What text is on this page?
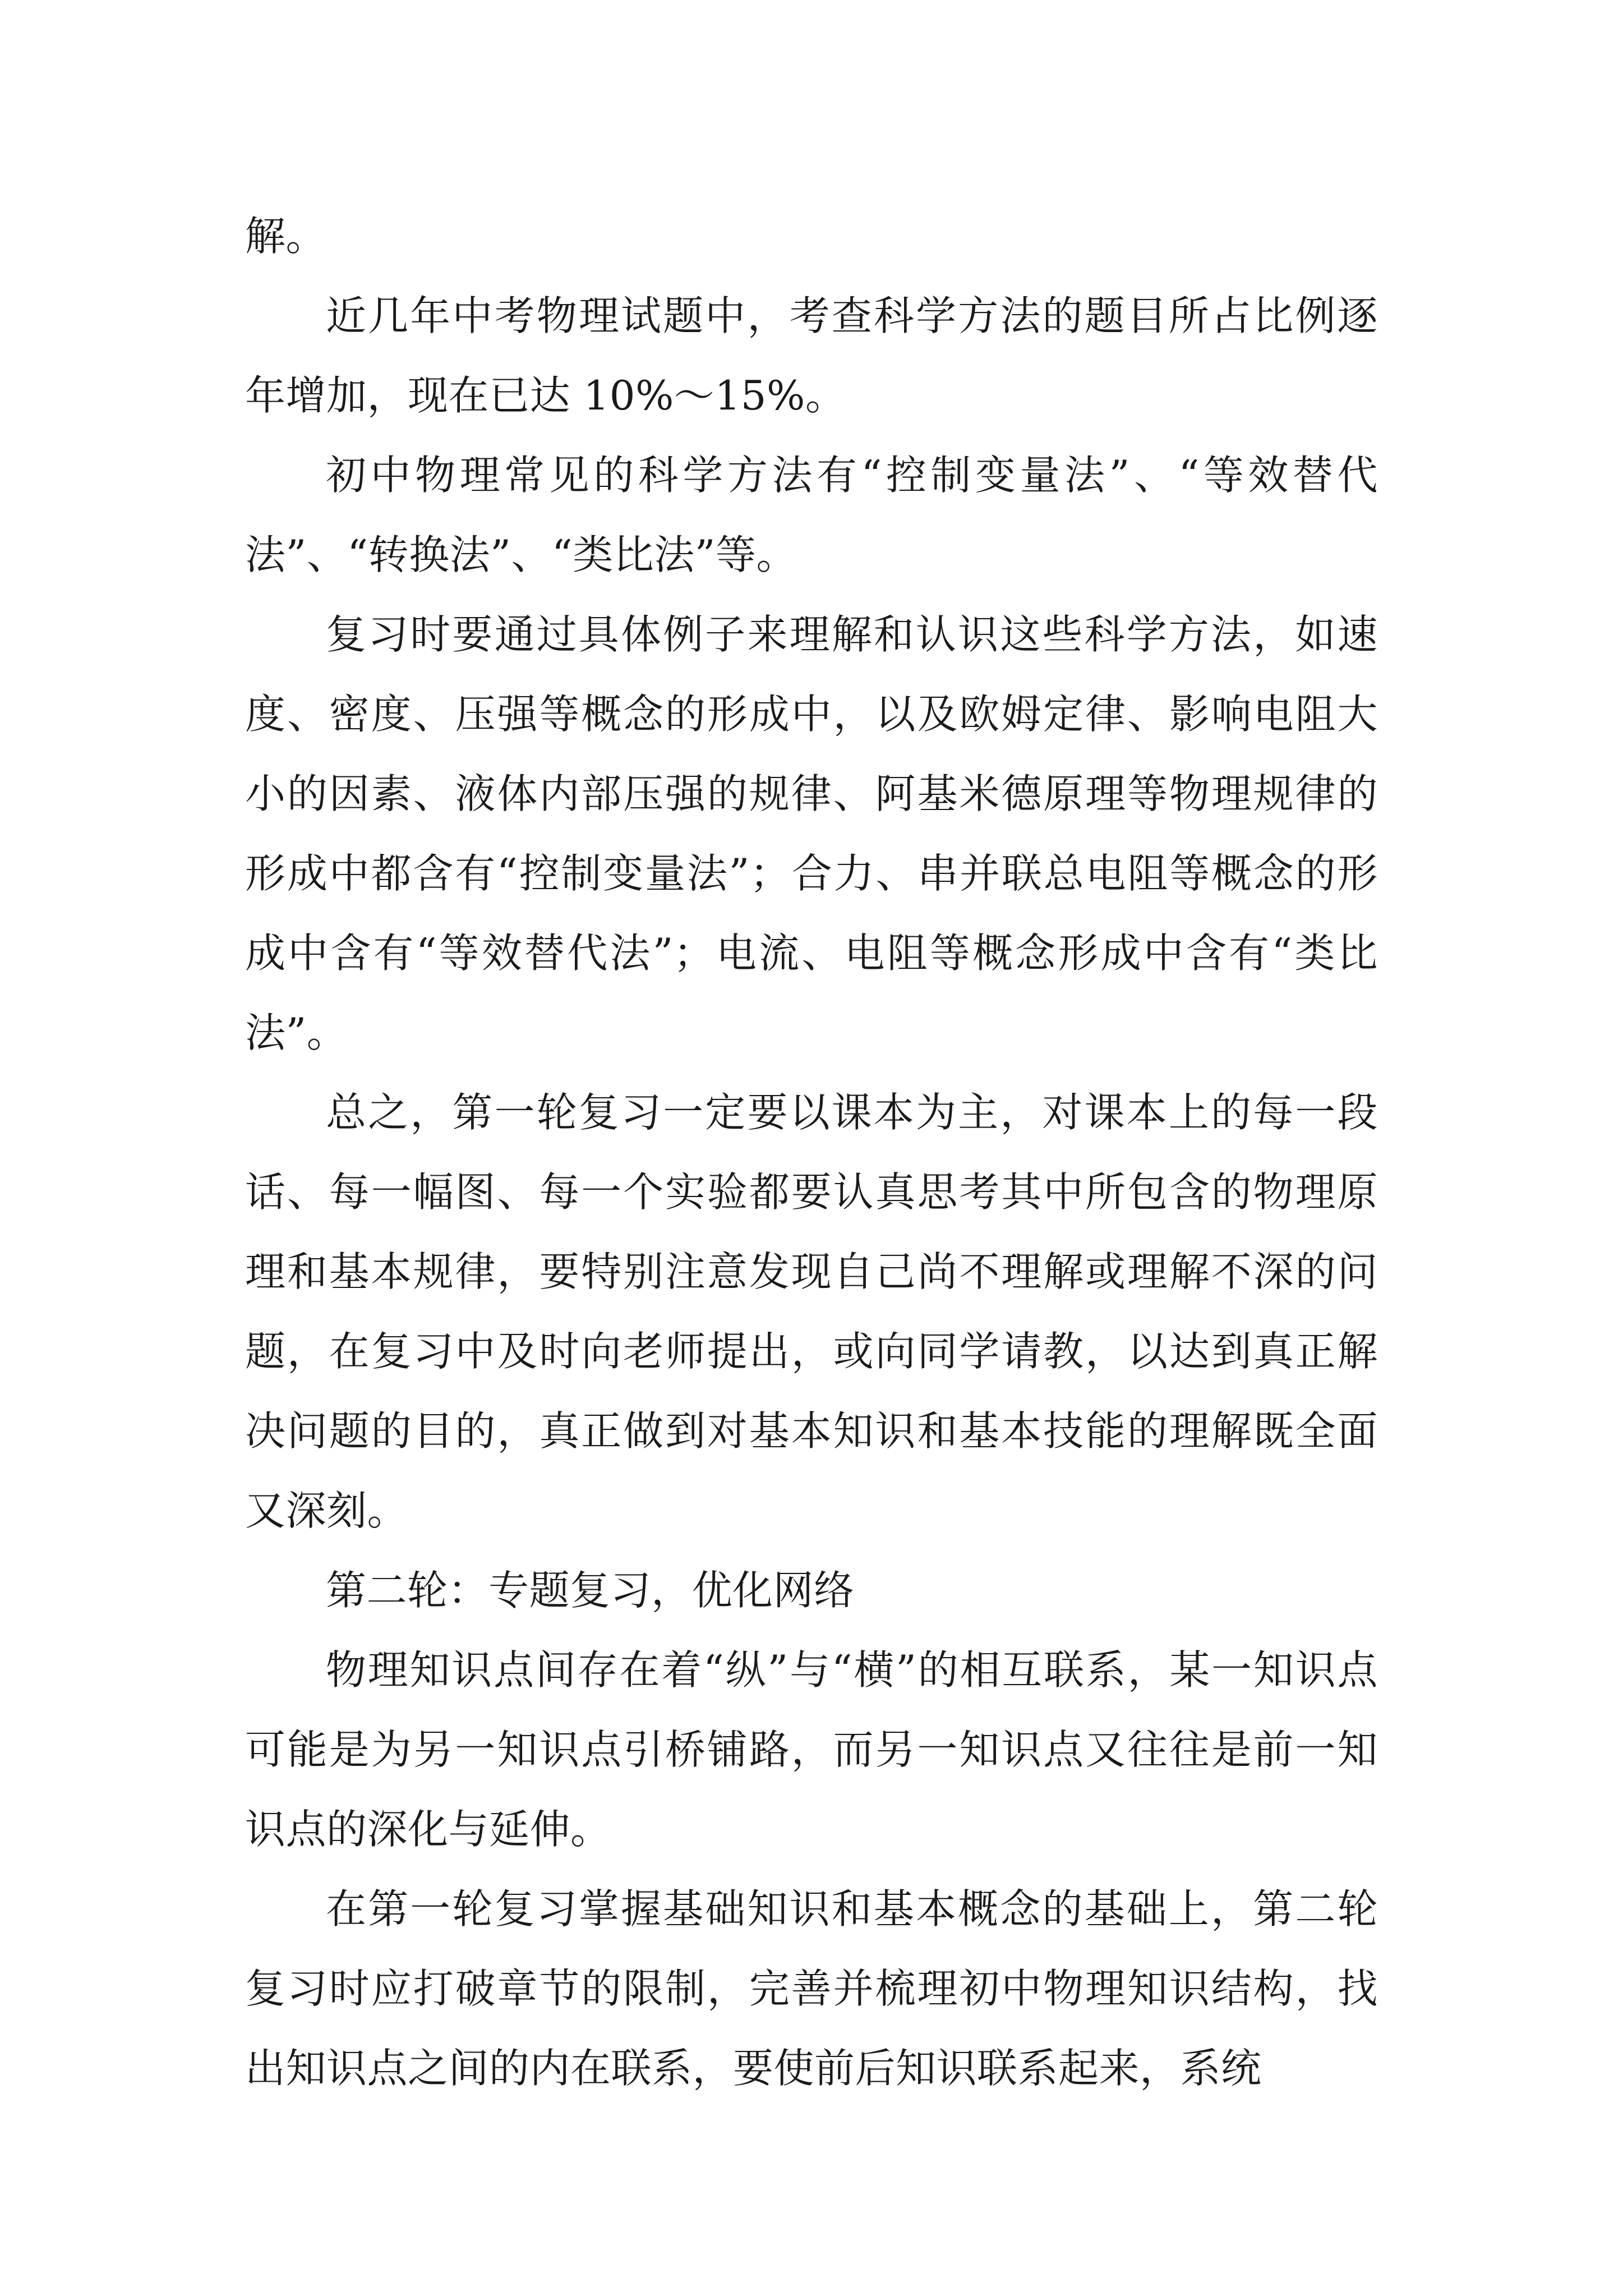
解。

近几年中考物理试题中，考查科学方法的题目所占比例逐年增加，现在已达 10%～15%。

初中物理常见的科学方法有“控制变量法”、“等效替代法”、“转换法”、“类比法”等。

复习时要通过具体例子来理解和认识这些科学方法，如速度、密度、压强等概念的形成中，以及欧姆定律、影响电阻大小的因素、液体内部压强的规律、阿基米德原理等物理规律的形成中都含有“控制变量法”；合力、串并联总电阻等概念的形成中含有“等效替代法”；电流、电阻等概念形成中含有“类比法”。

总之，第一轮复习一定要以课本为主，对课本上的每一段话、每一幅图、每一个实验都要认真思考其中所包含的物理原理和基本规律，要特别注意发现自己尚不理解或理解不深的问题，在复习中及时向老师提出，或向同学请教，以达到真正解决问题的目的，真正做到对基本知识和基本技能的理解既全面又深刻。

第二轮：专题复习，优化网络

物理知识点间存在着“纵”与“横”的相互联系，某一知识点可能是为另一知识点引桥铺路，而另一知识点又往往是前一知识点的深化与延伸。

在第一轮复习掌握基础知识和基本概念的基础上，第二轮复习时应打破章节的限制，完善并梳理初中物理知识结构，找出知识点之间的内在联系，要使前后知识联系起来，系统
